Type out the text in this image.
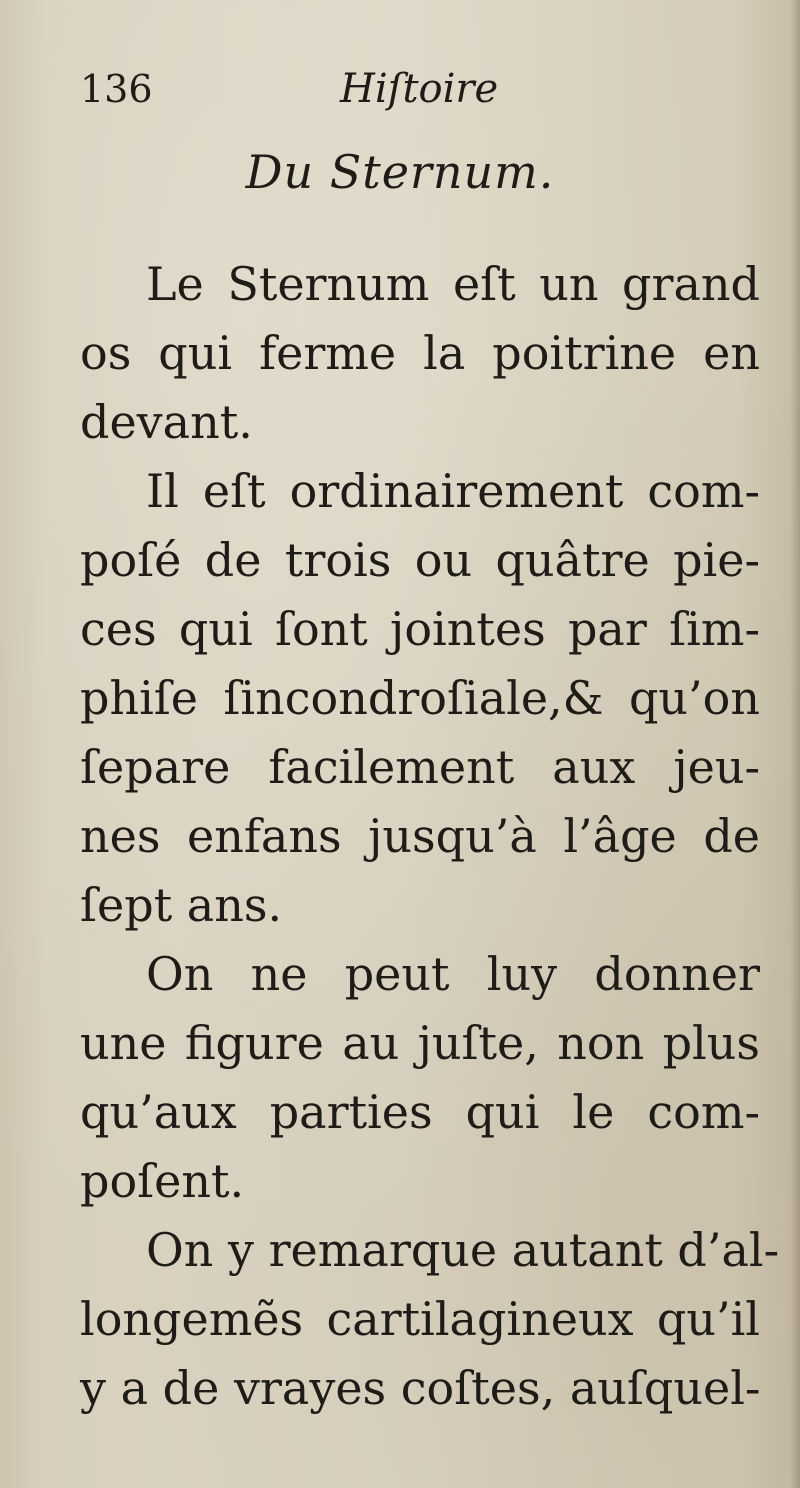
136	Hiſtoire
Du Sternum.
Le Sternum eſt un grand
os qui ferme la poitrine en
devant.
Il eſt ordinairement com-
poſé de trois ou quâtre pie-
ces qui ſont jointes par ſim-
phiſe ſincondroſiale,& qu’on
ſepare facilement aux jeu-
nes enfans jusqu’à l’âge de
ſept ans.
On ne peut luy donner
une figure au juſte, non plus
qu’aux parties qui le com-
poſent.
On y remarque autant d’al-
longemẽs cartilagineux qu’il
y a de vrayes coſtes, auſquel-
